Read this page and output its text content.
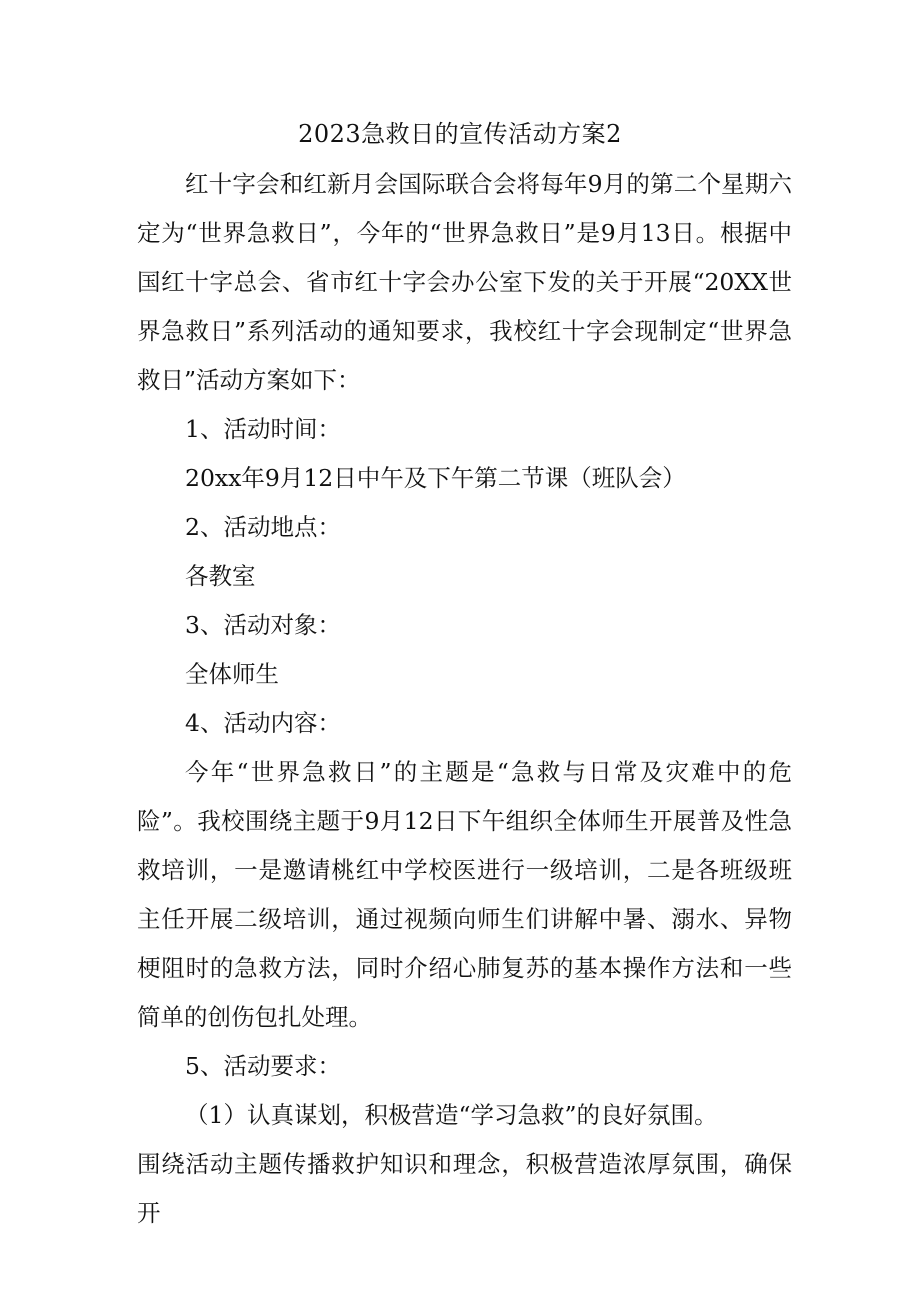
2023急救日的宣传活动方案2

红十字会和红新月会国际联合会将每年9月的第二个星期六定为“世界急救日”，今年的“世界急救日”是9月13日。根据中国红十字总会、省市红十字会办公室下发的关于开展“20XX世界急救日”系列活动的通知要求，我校红十字会现制定“世界急救日”活动方案如下：

1、活动时间：

20xx年9月12日中午及下午第二节课（班队会）

2、活动地点：

各教室

3、活动对象：

全体师生

4、活动内容：

今年“世界急救日”的主题是“急救与日常及灾难中的危险”。我校围绕主题于9月12日下午组织全体师生开展普及性急救培训，一是邀请桃红中学校医进行一级培训，二是各班级班主任开展二级培训，通过视频向师生们讲解中暑、溺水、异物梗阻时的急救方法，同时介绍心肺复苏的基本操作方法和一些简单的创伤包扎处理。

5、活动要求：

（1）认真谋划，积极营造“学习急救”的良好氛围。

围绕活动主题传播救护知识和理念，积极营造浓厚氛围，确保开
